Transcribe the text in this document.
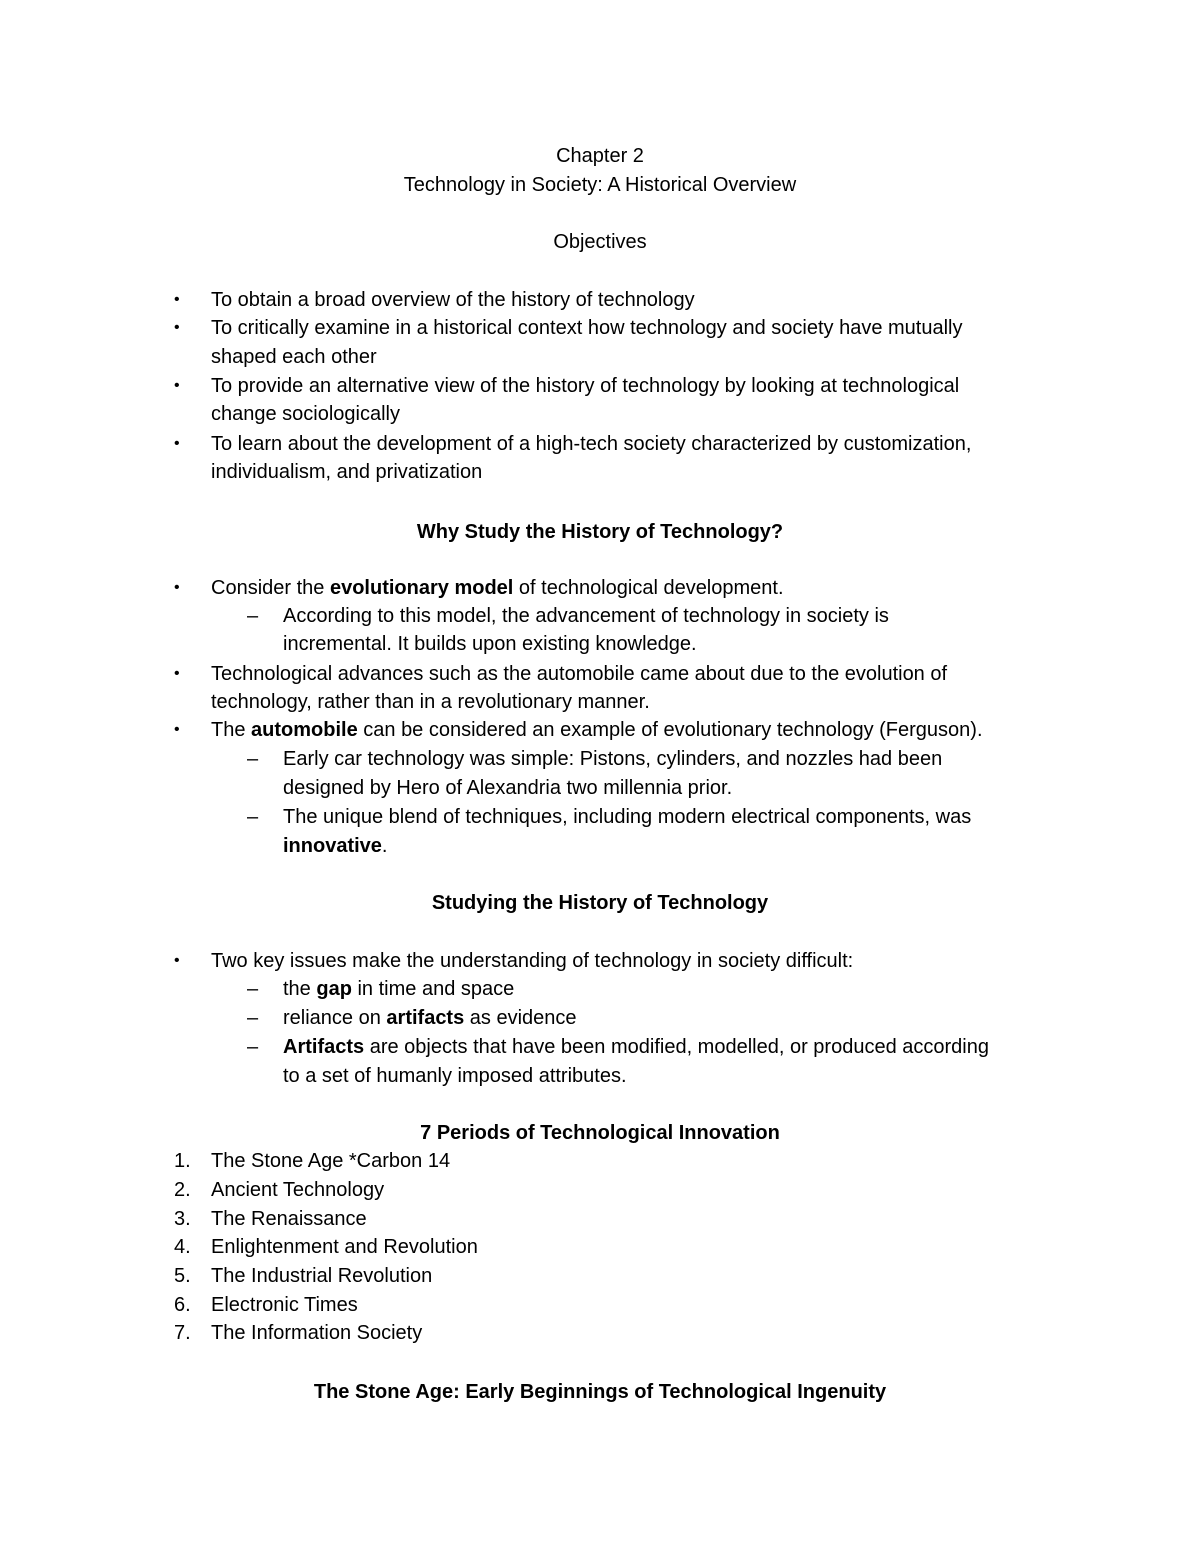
Chapter 2
Technology in Society: A Historical Overview
Objectives
•	To obtain a broad overview of the history of technology
•	To critically examine in a historical context how technology and society have mutually
shaped each other
•	To provide an alternative view of the history of technology by looking at technological
change sociologically
•	To learn about the development of a high-tech society characterized by customization,
individualism, and privatization
Why Study the History of Technology?
•	Consider the evolutionary model of technological development.
–	According to this model, the advancement of technology in society is
incremental. It builds upon existing knowledge.
•	Technological advances such as the automobile came about due to the evolution of
technology, rather than in a revolutionary manner.
•	The automobile can be considered an example of evolutionary technology (Ferguson).
–	Early car technology was simple: Pistons, cylinders, and nozzles had been
designed by Hero of Alexandria two millennia prior.
–	The unique blend of techniques, including modern electrical components, was
innovative.
Studying the History of Technology
•	Two key issues make the understanding of technology in society difficult:
–	the gap in time and space
–	reliance on artifacts as evidence
–	Artifacts are objects that have been modified, modelled, or produced according
to a set of humanly imposed attributes.
7 Periods of Technological Innovation
1.	The Stone Age *Carbon 14
2.	Ancient Technology
3.	The Renaissance
4.	Enlightenment and Revolution
5.	The Industrial Revolution
6.	Electronic Times
7.	The Information Society
The Stone Age: Early Beginnings of Technological Ingenuity
